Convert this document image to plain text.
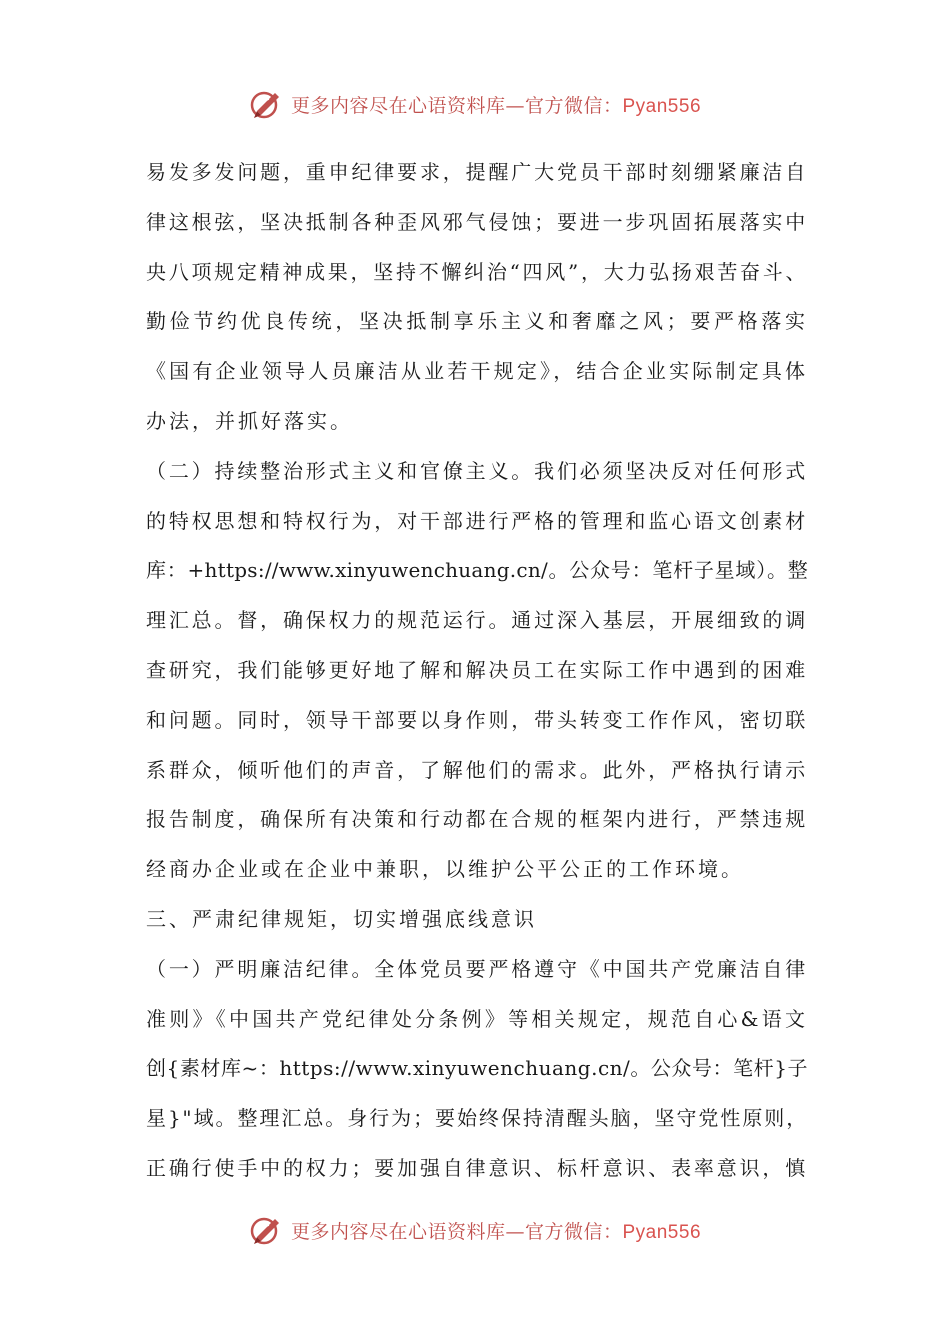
更多内容尽在心语资料库—官方微信：Pyan556
易发多发问题，重申纪律要求，提醒广大党员干部时刻绷紧廉洁自
律这根弦，坚决抵制各种歪风邪气侵蚀；要进一步巩固拓展落实中
央八项规定精神成果，坚持不懈纠治“四风”，大力弘扬艰苦奋斗、
勤俭节约优良传统，坚决抵制享乐主义和奢靡之风；要严格落实
《国有企业领导人员廉洁从业若干规定》，结合企业实际制定具体
办法，并抓好落实。
（二）持续整治形式主义和官僚主义。我们必须坚决反对任何形式
的特权思想和特权行为，对干部进行严格的管理和监心语文创素材
库：+https://www.xinyuwenchuang.cn/。公众号：笔杆子星域）。整
理汇总。督，确保权力的规范运行。通过深入基层，开展细致的调
查研究，我们能够更好地了解和解决员工在实际工作中遇到的困难
和问题。同时，领导干部要以身作则，带头转变工作作风，密切联
系群众，倾听他们的声音，了解他们的需求。此外，严格执行请示
报告制度，确保所有决策和行动都在合规的框架内进行，严禁违规
经商办企业或在企业中兼职，以维护公平公正的工作环境。
三、严肃纪律规矩，切实增强底线意识
（一）严明廉洁纪律。全体党员要严格遵守《中国共产党廉洁自律
准则》《中国共产党纪律处分条例》等相关规定，规范自心&语文
创{素材库~：https://www.xinyuwenchuang.cn/。公众号：笔杆}子
星}"域。整理汇总。身行为；要始终保持清醒头脑，坚守党性原则，
正确行使手中的权力；要加强自律意识、标杆意识、表率意识，慎
更多内容尽在心语资料库—官方微信：Pyan556
